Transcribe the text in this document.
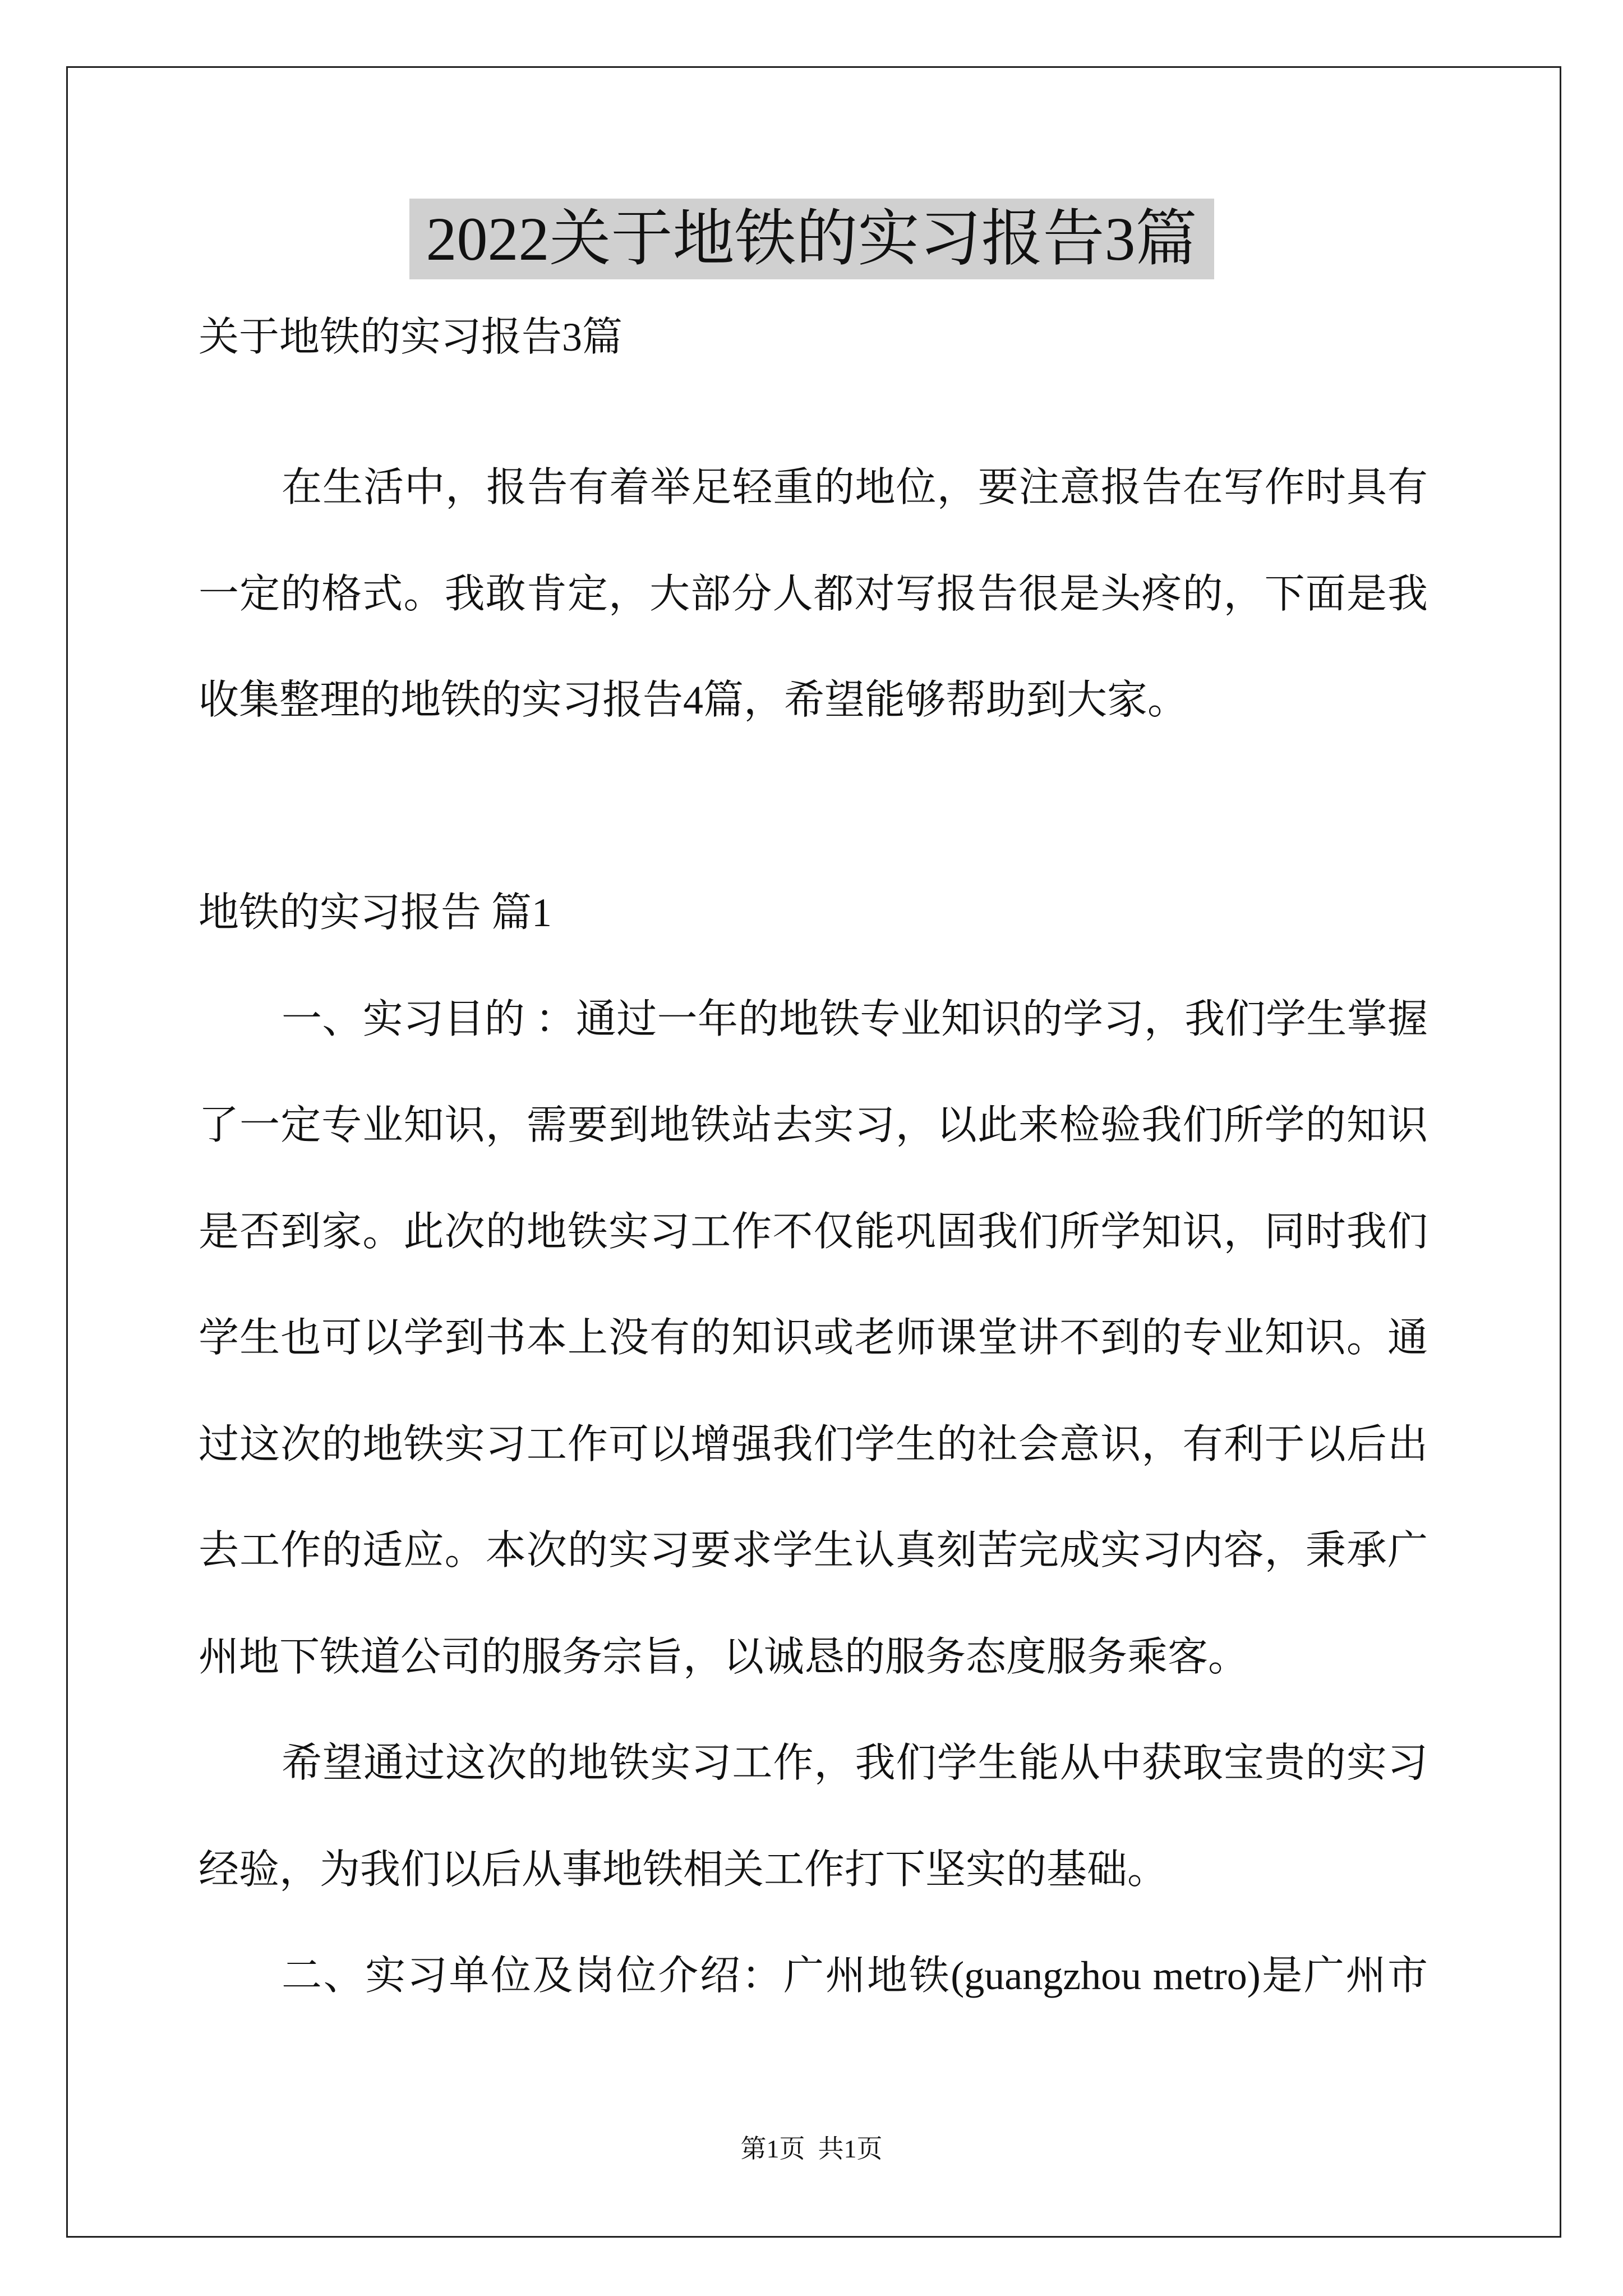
2022关于地铁的实习报告3篇
关于地铁的实习报告3篇
在生活中，报告有着举足轻重的地位，要注意报告在写作时具有
一定的格式。我敢肯定，大部分人都对写报告很是头疼的，下面是我
收集整理的地铁的实习报告4篇，希望能够帮助到大家。
地铁的实习报告 篇1
一、实习目的 ：通过一年的地铁专业知识的学习，我们学生掌握
了一定专业知识，需要到地铁站去实习，以此来检验我们所学的知识
是否到家。此次的地铁实习工作不仅能巩固我们所学知识，同时我们
学生也可以学到书本上没有的知识或老师课堂讲不到的专业知识。通
过这次的地铁实习工作可以增强我们学生的社会意识，有利于以后出
去工作的适应。本次的实习要求学生认真刻苦完成实习内容，秉承广
州地下铁道公司的服务宗旨，以诚恳的服务态度服务乘客。
希望通过这次的地铁实习工作，我们学生能从中获取宝贵的实习
经验，为我们以后从事地铁相关工作打下坚实的基础。
二、实习单位及岗位介绍：广州地铁(guangzhou metro)是广州市
第1页  共1页
